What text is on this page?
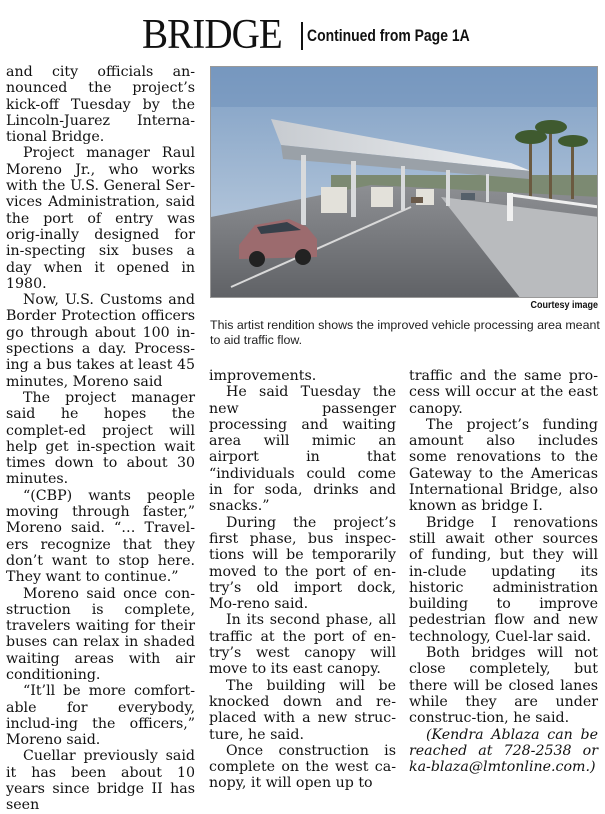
BRIDGE Continued from Page 1A

and city officials an-nounced the project’s kick-off Tuesday by the Lincoln-Juarez Interna-tional Bridge.

Project manager Raul Moreno Jr., who works with the U.S. General Ser-vices Administration, said the port of entry was orig-inally designed for in-specting six buses a day when it opened in 1980.

Now, U.S. Customs and Border Protection officers go through about 100 in-spections a day. Process-ing a bus takes at least 45 minutes, Moreno said

The project manager said he hopes the complet-ed project will help get in-spection wait times down to about 30 minutes.

“(CBP) wants people moving through faster,” Moreno said. “… Travel-ers recognize that they don’t want to stop here. They want to continue.”

Moreno said once con-struction is complete, travelers waiting for their buses can relax in shaded waiting areas with air conditioning.

“It’ll be more comfort-able for everybody, includ-ing the officers,” Moreno said.

Cuellar previously said it has been about 10 years since bridge II has seen

Courtesy image
This artist rendition shows the improved vehicle processing area meant to aid traffic flow.

improvements.

He said Tuesday the new passenger processing and waiting area will mimic an airport in that “individuals could come in for soda, drinks and snacks.”

During the project’s first phase, bus inspec-tions will be temporarily moved to the port of en-try’s old import dock, Mo-reno said.

In its second phase, all traffic at the port of en-try’s west canopy will move to its east canopy.

The building will be knocked down and re-placed with a new struc-ture, he said.

Once construction is complete on the west ca-nopy, it will open up to

traffic and the same pro-cess will occur at the east canopy.

The project’s funding amount also includes some renovations to the Gateway to the Americas International Bridge, also known as bridge I.

Bridge I renovations still await other sources of funding, but they will in-clude updating its historic administration building to improve pedestrian flow and new technology, Cuel-lar said.

Both bridges will not close completely, but there will be closed lanes while they are under construc-tion, he said.

(Kendra Ablaza can be reached at 728-2538 or ka-blaza@lmtonline.com.)
